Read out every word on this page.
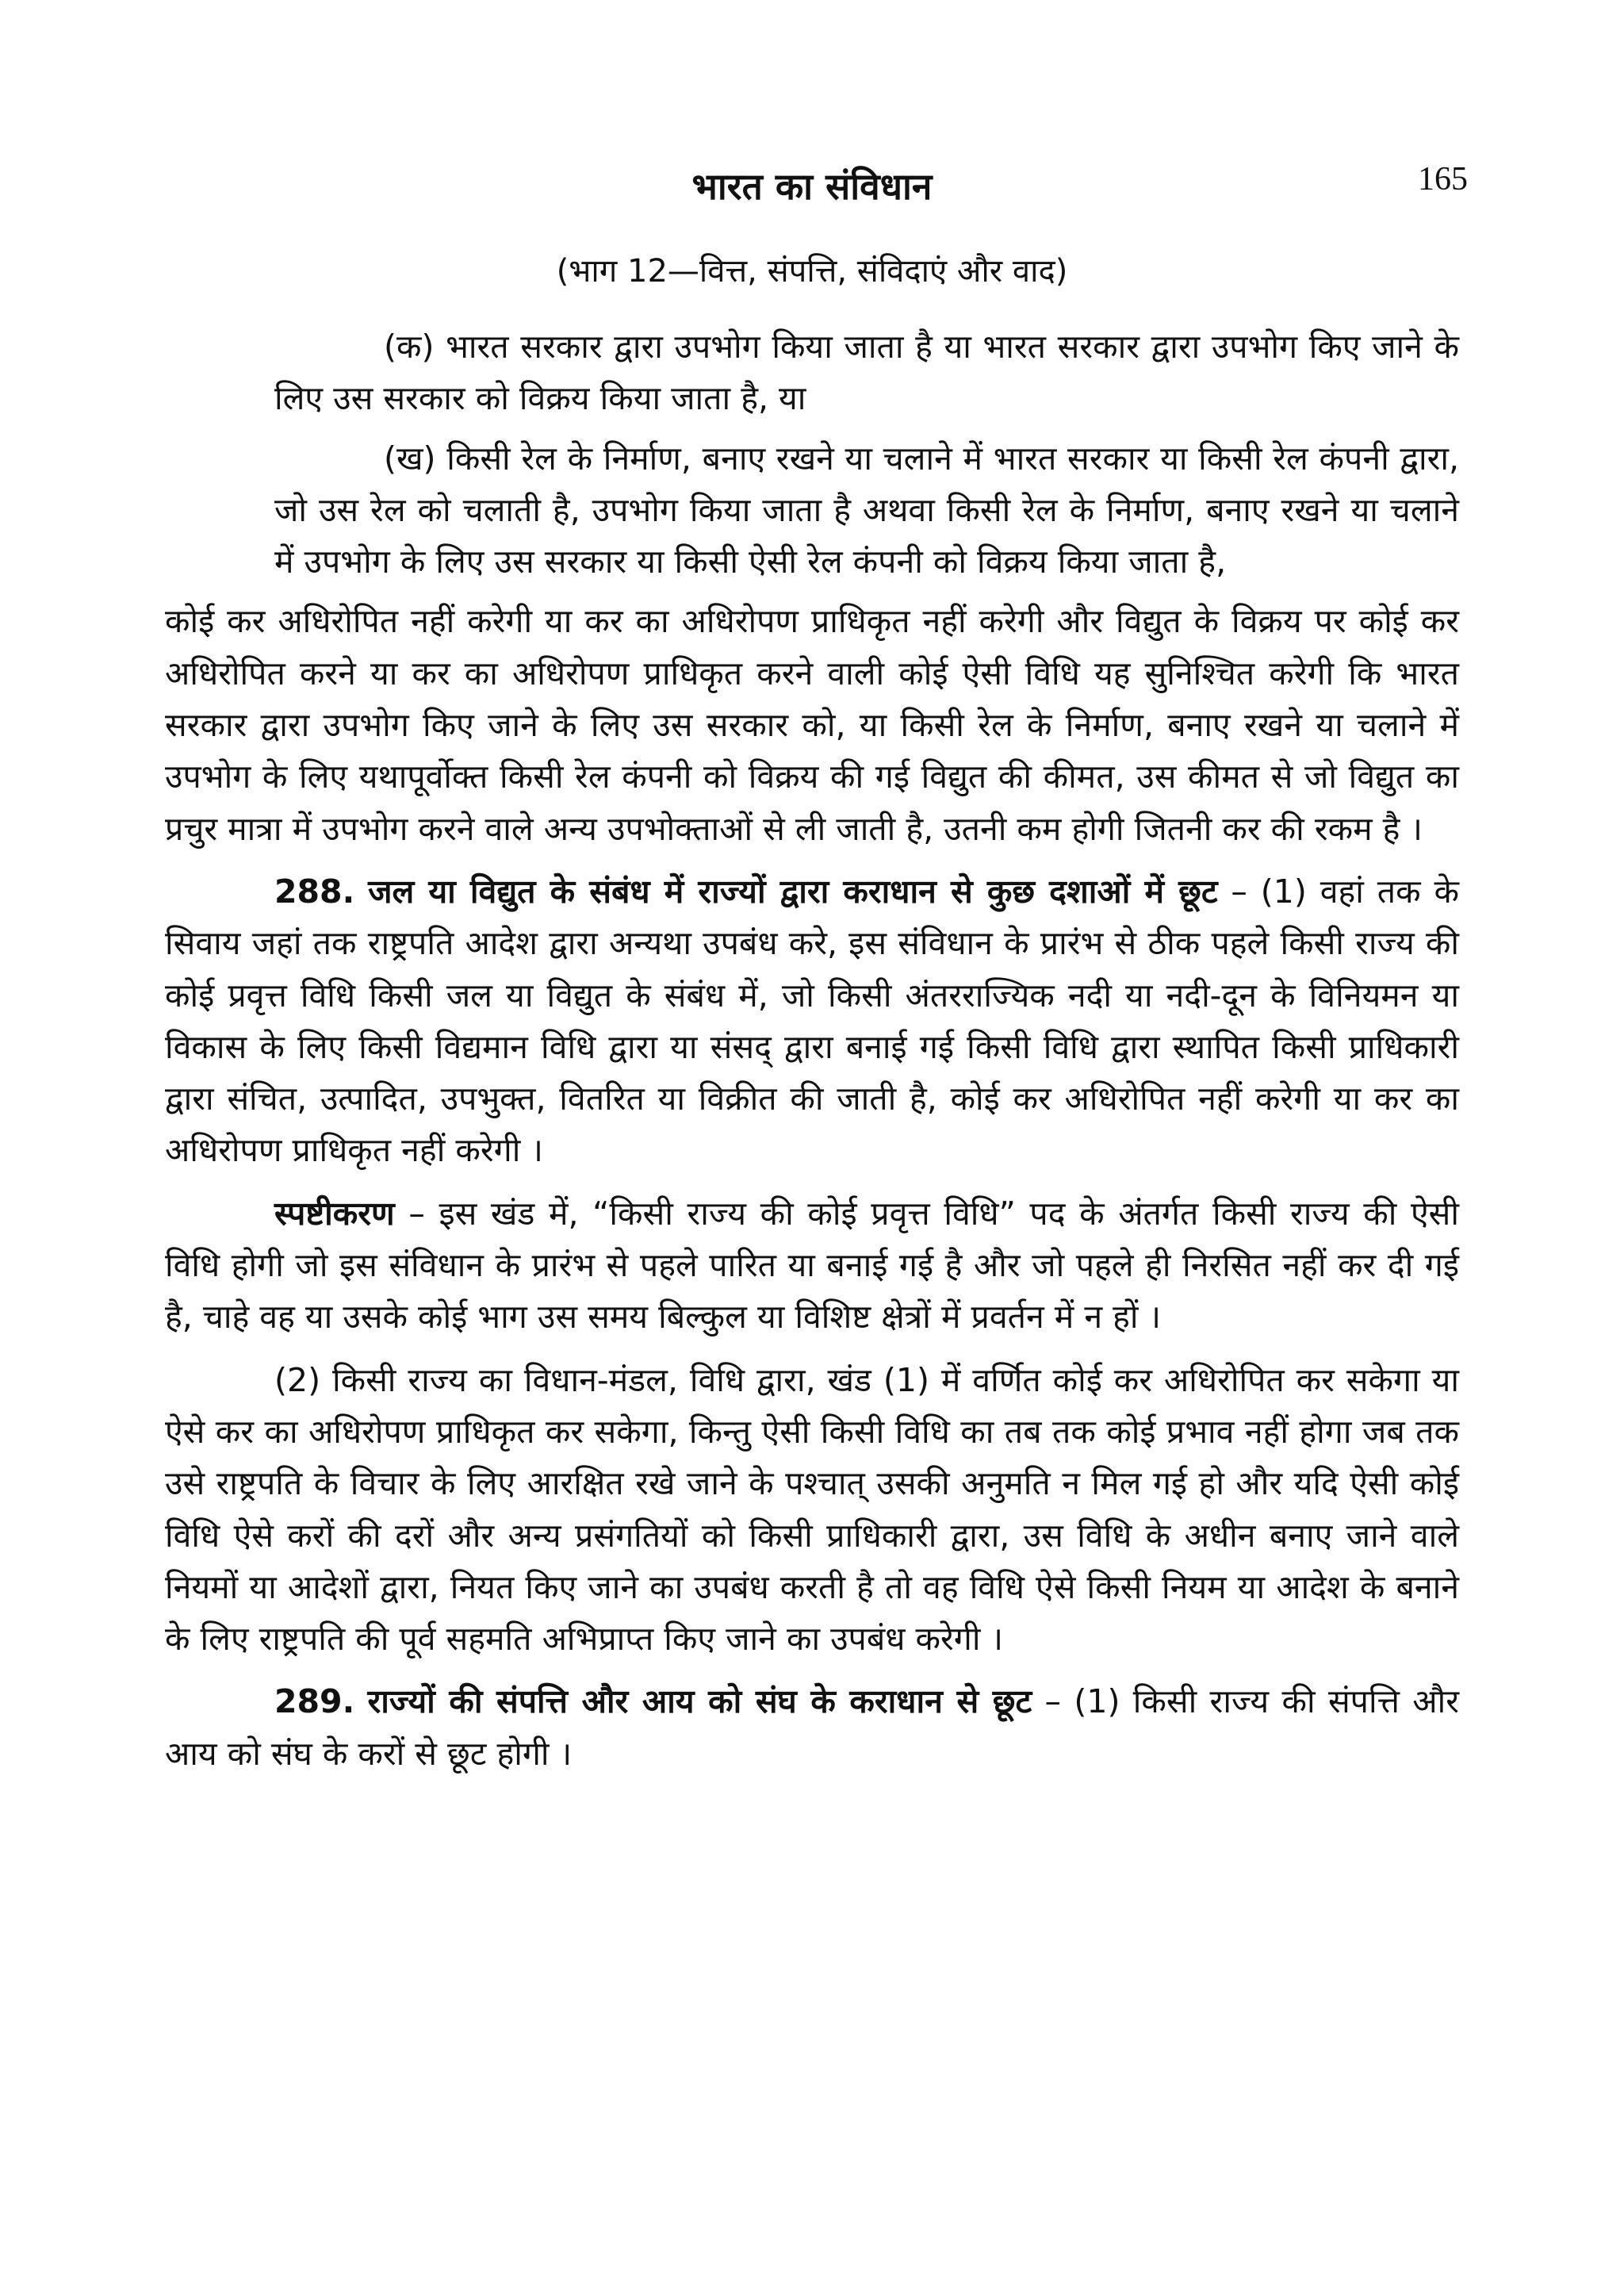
165
भारत का संविधान
(भाग 12—वित्त, संपत्ति, संविदाएं और वाद)

(क) भारत सरकार द्वारा उपभोग किया जाता है या भारत सरकार द्वारा उपभोग किए जाने के लिए उस सरकार को विक्रय किया जाता है, या

(ख) किसी रेल के निर्माण, बनाए रखने या चलाने में भारत सरकार या किसी रेल कंपनी द्वारा, जो उस रेल को चलाती है, उपभोग किया जाता है अथवा किसी रेल के निर्माण, बनाए रखने या चलाने में उपभोग के लिए उस सरकार या किसी ऐसी रेल कंपनी को विक्रय किया जाता है,

कोई कर अधिरोपित नहीं करेगी या कर का अधिरोपण प्राधिकृत नहीं करेगी और विद्युत के विक्रय पर कोई कर अधिरोपित करने या कर का अधिरोपण प्राधिकृत करने वाली कोई ऐसी विधि यह सुनिश्चित करेगी कि भारत सरकार द्वारा उपभोग किए जाने के लिए उस सरकार को, या किसी रेल के निर्माण, बनाए रखने या चलाने में उपभोग के लिए यथापूर्वोक्त किसी रेल कंपनी को विक्रय की गई विद्युत की कीमत, उस कीमत से जो विद्युत का प्रचुर मात्रा में उपभोग करने वाले अन्य उपभोक्ताओं से ली जाती है, उतनी कम होगी जितनी कर की रकम है ।

288. जल या विद्युत के संबंध में राज्यों द्वारा कराधान से कुछ दशाओं में छूट – (1) वहां तक के सिवाय जहां तक राष्ट्रपति आदेश द्वारा अन्यथा उपबंध करे, इस संविधान के प्रारंभ से ठीक पहले किसी राज्य की कोई प्रवृत्त विधि किसी जल या विद्युत के संबंध में, जो किसी अंतरराज्यिक नदी या नदी-दून के विनियमन या विकास के लिए किसी विद्यमान विधि द्वारा या संसद् द्वारा बनाई गई किसी विधि द्वारा स्थापित किसी प्राधिकारी द्वारा संचित, उत्पादित, उपभुक्त, वितरित या विक्रीत की जाती है, कोई कर अधिरोपित नहीं करेगी या कर का अधिरोपण प्राधिकृत नहीं करेगी ।

स्पष्टीकरण – इस खंड में, “किसी राज्य की कोई प्रवृत्त विधि” पद के अंतर्गत किसी राज्य की ऐसी विधि होगी जो इस संविधान के प्रारंभ से पहले पारित या बनाई गई है और जो पहले ही निरसित नहीं कर दी गई है, चाहे वह या उसके कोई भाग उस समय बिल्कुल या विशिष्ट क्षेत्रों में प्रवर्तन में न हों ।

(2) किसी राज्य का विधान-मंडल, विधि द्वारा, खंड (1) में वर्णित कोई कर अधिरोपित कर सकेगा या ऐसे कर का अधिरोपण प्राधिकृत कर सकेगा, किन्तु ऐसी किसी विधि का तब तक कोई प्रभाव नहीं होगा जब तक उसे राष्ट्रपति के विचार के लिए आरक्षित रखे जाने के पश्चात् उसकी अनुमति न मिल गई हो और यदि ऐसी कोई विधि ऐसे करों की दरों और अन्य प्रसंगतियों को किसी प्राधिकारी द्वारा, उस विधि के अधीन बनाए जाने वाले नियमों या आदेशों द्वारा, नियत किए जाने का उपबंध करती है तो वह विधि ऐसे किसी नियम या आदेश के बनाने के लिए राष्ट्रपति की पूर्व सहमति अभिप्राप्त किए जाने का उपबंध करेगी ।

289. राज्यों की संपत्ति और आय को संघ के कराधान से छूट – (1) किसी राज्य की संपत्ति और आय को संघ के करों से छूट होगी ।
